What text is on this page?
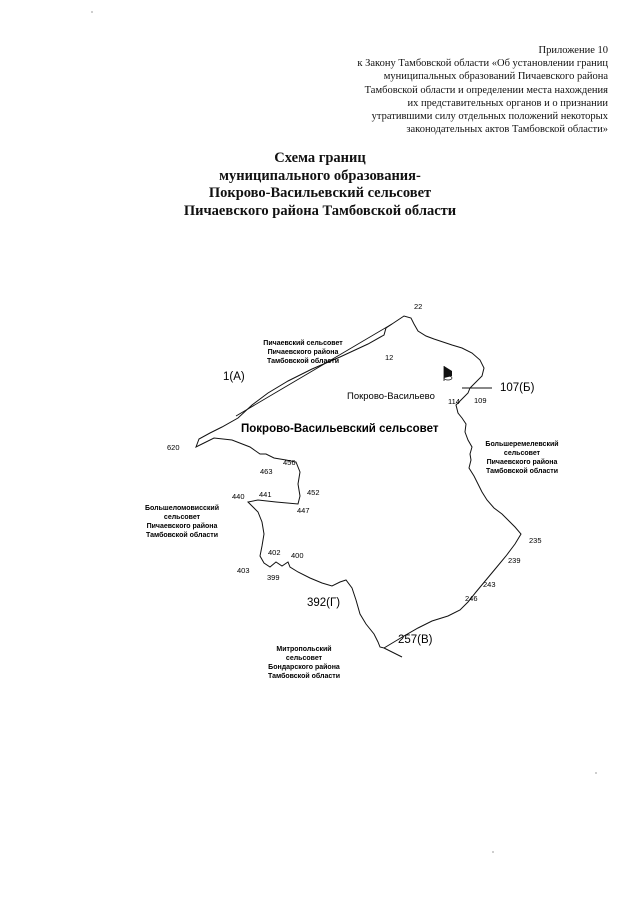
Приложение 10
к Закону Тамбовской области «Об установлении границ
муниципальных образований Пичаевского района
Тамбовской области и определении места нахождения
их представительных органов и о признании
утратившими силу отдельных положений некоторых
законодательных актов Тамбовской области»
Схема границ
муниципального образования-
Покрово-Васильевский сельсовет
Пичаевского района Тамбовской области
Покрово-Васильевский сельсовет
Покрово-Васильево
Пичаевский сельсовет
Пичаевского района
Тамбовской области
Большеремелевский
сельсовет
Пичаевского района
Тамбовской области
Большеломовисский
сельсовет
Пичаевского района
Тамбовской области
Митропольский
сельсовет
Бондарского района
Тамбовской области
1(А)
107(Б)
257(В)
392(Г)
22
12
114 109
620
456
463
452
440 441
447
235
239
243
246
402 400
403
399
